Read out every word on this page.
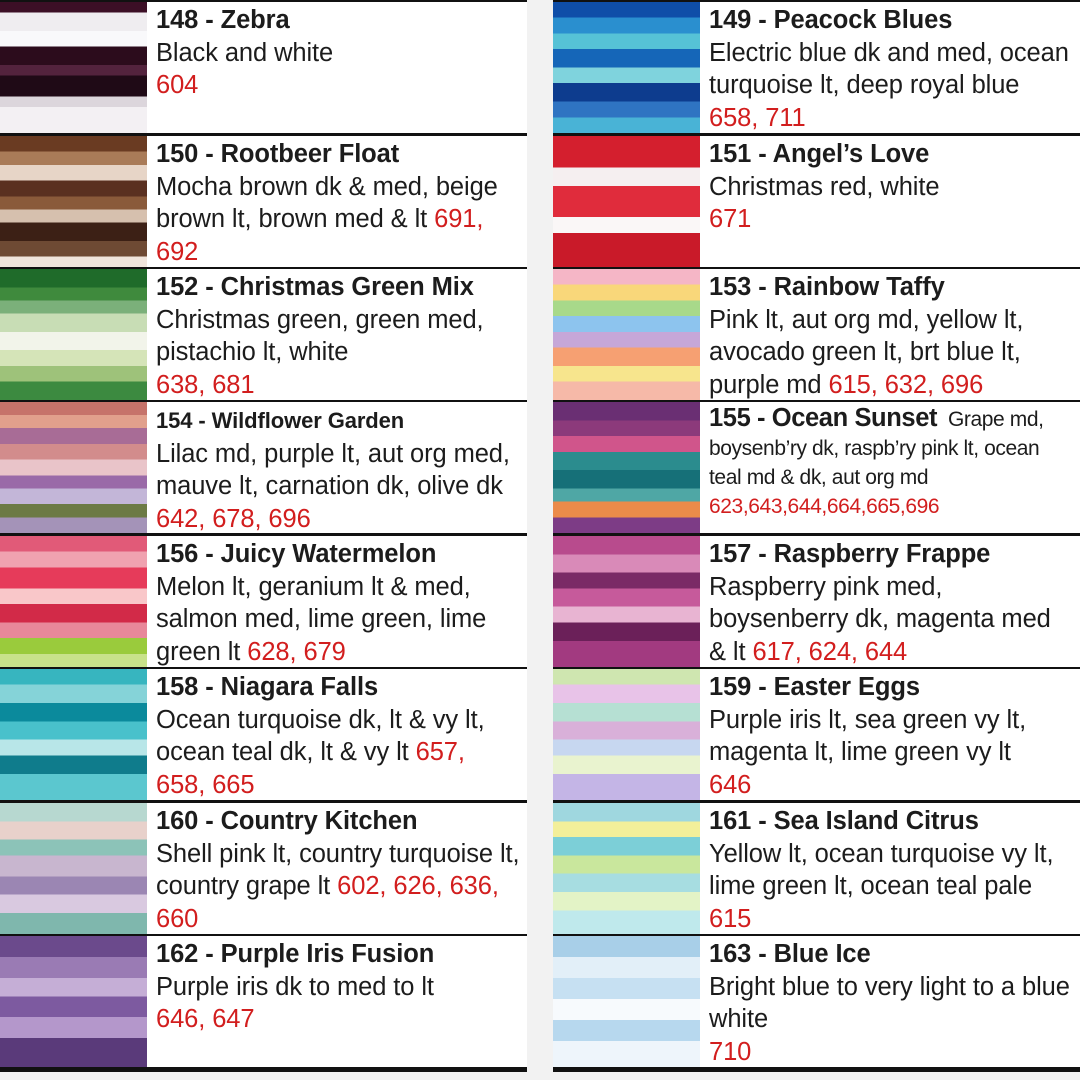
148 - Zebra
Black and white
604
150 - Rootbeer Float
Mocha brown dk & med, beige brown lt, brown med & lt 691, 692
152 - Christmas Green Mix Christmas green, green med, pistachio lt, white
638, 681
154 - Wildflower Garden
Lilac md, purple lt, aut org med, mauve lt, carnation dk, olive dk 642, 678, 696
156 - Juicy Watermelon
Melon lt, geranium lt & med, salmon med, lime green, lime green lt 628, 679
158 - Niagara Falls
Ocean turquoise dk, lt & vy lt, ocean teal dk, lt & vy lt 657, 658, 665
160 - Country Kitchen
Shell pink lt, country turquoise lt, country grape lt 602, 626, 636, 660
162 - Purple Iris Fusion
Purple iris dk to med to lt
646, 647
149 - Peacock Blues
Electric blue dk and med, ocean turquoise lt, deep royal blue 658, 711
151 - Angel’s Love
Christmas red, white
671
153 - Rainbow Taffy
Pink lt, aut org md, yellow lt, avocado green lt, brt blue lt, purple md 615, 632, 696
155 - Ocean Sunset Grape md, boysenb’ry dk, raspb’ry pink lt, ocean teal md & dk, aut org md
623,643,644,664,665,696
157 - Raspberry Frappe
Raspberry pink med, boysenberry dk, magenta med & lt 617, 624, 644
159 - Easter Eggs
Purple iris lt, sea green vy lt, magenta lt, lime green vy lt
646
161 - Sea Island Citrus
Yellow lt, ocean turquoise vy lt, lime green lt, ocean teal pale 615
163 - Blue Ice
Bright blue to very light to a blue white
710
